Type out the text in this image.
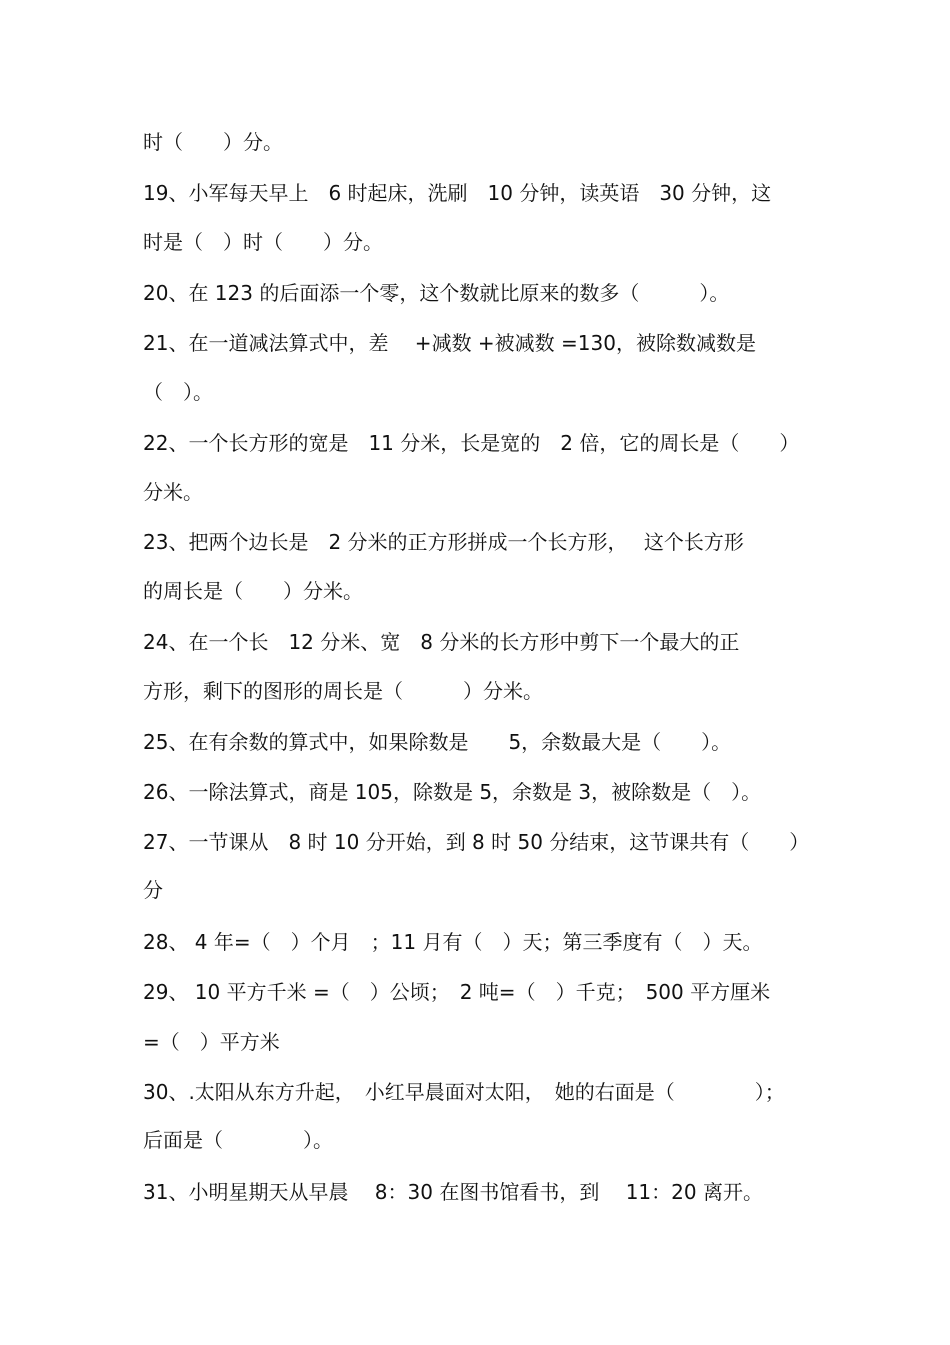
时（　　）分。

19、小军每天早上　6 时起床，洗刷　10 分钟，读英语　30 分钟，这

时是（　）时（　　）分。

20、在 123 的后面添一个零，这个数就比原来的数多（　　　）。

21、在一道减法算式中，差　 +减数 +被减数 =130，被除数减数是

（　）。

22、一个长方形的宽是　11 分米，长是宽的　2 倍，它的周长是（　　）

分米。

23、把两个边长是　2 分米的正方形拼成一个长方形，　 这个长方形

的周长是（　　）分米。

24、在一个长　12 分米、宽　8 分米的长方形中剪下一个最大的正

方形，剩下的图形的周长是（　　　）分米。

25、在有余数的算式中，如果除数是　　5，余数最大是（　　）。

26、一除法算式，商是 105，除数是 5，余数是 3，被除数是（　）。

27、一节课从　8 时 10 分开始，到 8 时 50 分结束，这节课共有（　　）

分

28、 4 年=（　）个月　；11 月有（　）天；第三季度有（　）天。

29、 10 平方千米 =（　）公顷；　2 吨=（　）千克；　500 平方厘米

=（　）平方米

30、.太阳从东方升起，　小红早晨面对太阳，　她的右面是（　　　　）；

后面是（　　　　）。

31、小明星期天从早晨　 8：30 在图书馆看书，到　 11：20 离开。
